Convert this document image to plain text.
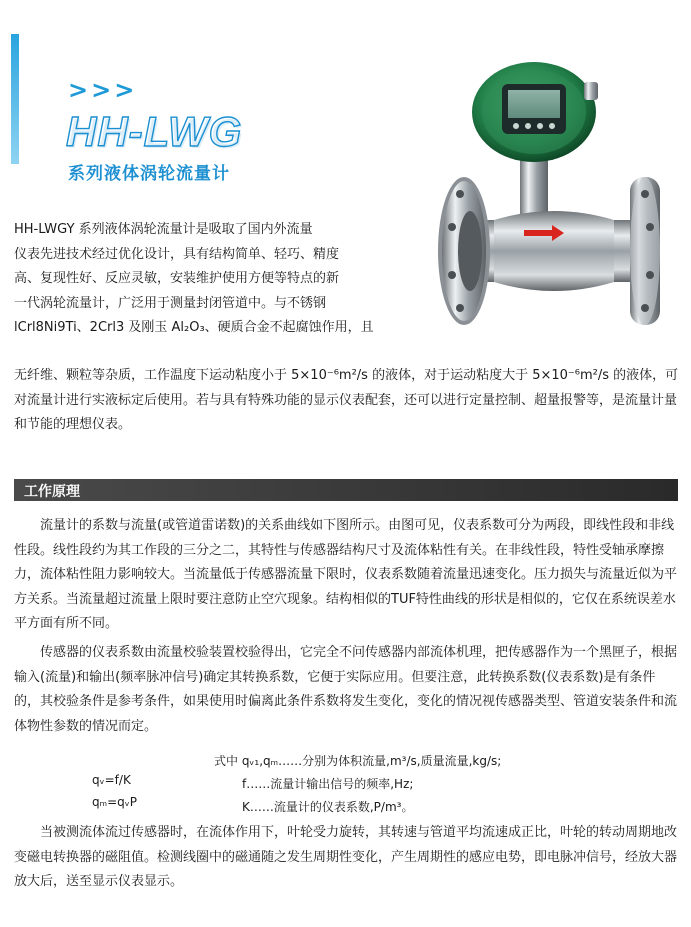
>>>
HH-LWG
系列液体涡轮流量计

HH-LWGY 系列液体涡轮流量计是吸取了国内外流量

仪表先进技术经过优化设计，具有结构简单、轻巧、精度

高、复现性好、反应灵敏，安装维护使用方便等特点的新

一代涡轮流量计，广泛用于测量封闭管道中。与不锈钢

lCrl8Ni9Ti、2Crl3 及刚玉 Al₂O₃、硬质合金不起腐蚀作用，且

无纤维、颗粒等杂质，工作温度下运动粘度小于 5×10⁻⁶m²/s 的液体，对于运动粘度大于 5×10⁻⁶m²/s 的液体，可对流量计进行实液标定后使用。若与具有特殊功能的显示仪表配套，还可以进行定量控制、超量报警等，是流量计量和节能的理想仪表。

工作原理

流量计的系数与流量(或管道雷诺数)的关系曲线如下图所示。由图可见，仪表系数可分为两段，即线性段和非线性段。线性段约为其工作段的三分之二，其特性与传感器结构尺寸及流体粘性有关。在非线性段，特性受轴承摩擦力，流体粘性阻力影响较大。当流量低于传感器流量下限时，仪表系数随着流量迅速变化。压力损失与流量近似为平方关系。当流量超过流量上限时要注意防止空穴现象。结构相似的TUF特性曲线的形状是相似的，它仅在系统误差水平方面有所不同。

传感器的仪表系数由流量校验装置校验得出，它完全不问传感器内部流体机理，把传感器作为一个黑匣子，根据输入(流量)和输出(频率脉冲信号)确定其转换系数，它便于实际应用。但要注意，此转换系数(仪表系数)是有条件的，其校验条件是参考条件，如果使用时偏离此条件系数将发生变化，变化的情况视传感器类型、管道安装条件和流体物性参数的情况而定。

qᵥ=f/K
qₘ=qᵥP
式中 qᵥ₁,qₘ……分别为体积流量,m³/s,质量流量,kg/s;
f……流量计输出信号的频率,Hz;
K……流量计的仪表系数,P/m³。

当被测流体流过传感器时，在流体作用下，叶轮受力旋转，其转速与管道平均流速成正比，叶轮的转动周期地改变磁电转换器的磁阻值。检测线圈中的磁通随之发生周期性变化，产生周期性的感应电势，即电脉冲信号，经放大器放大后，送至显示仪表显示。
